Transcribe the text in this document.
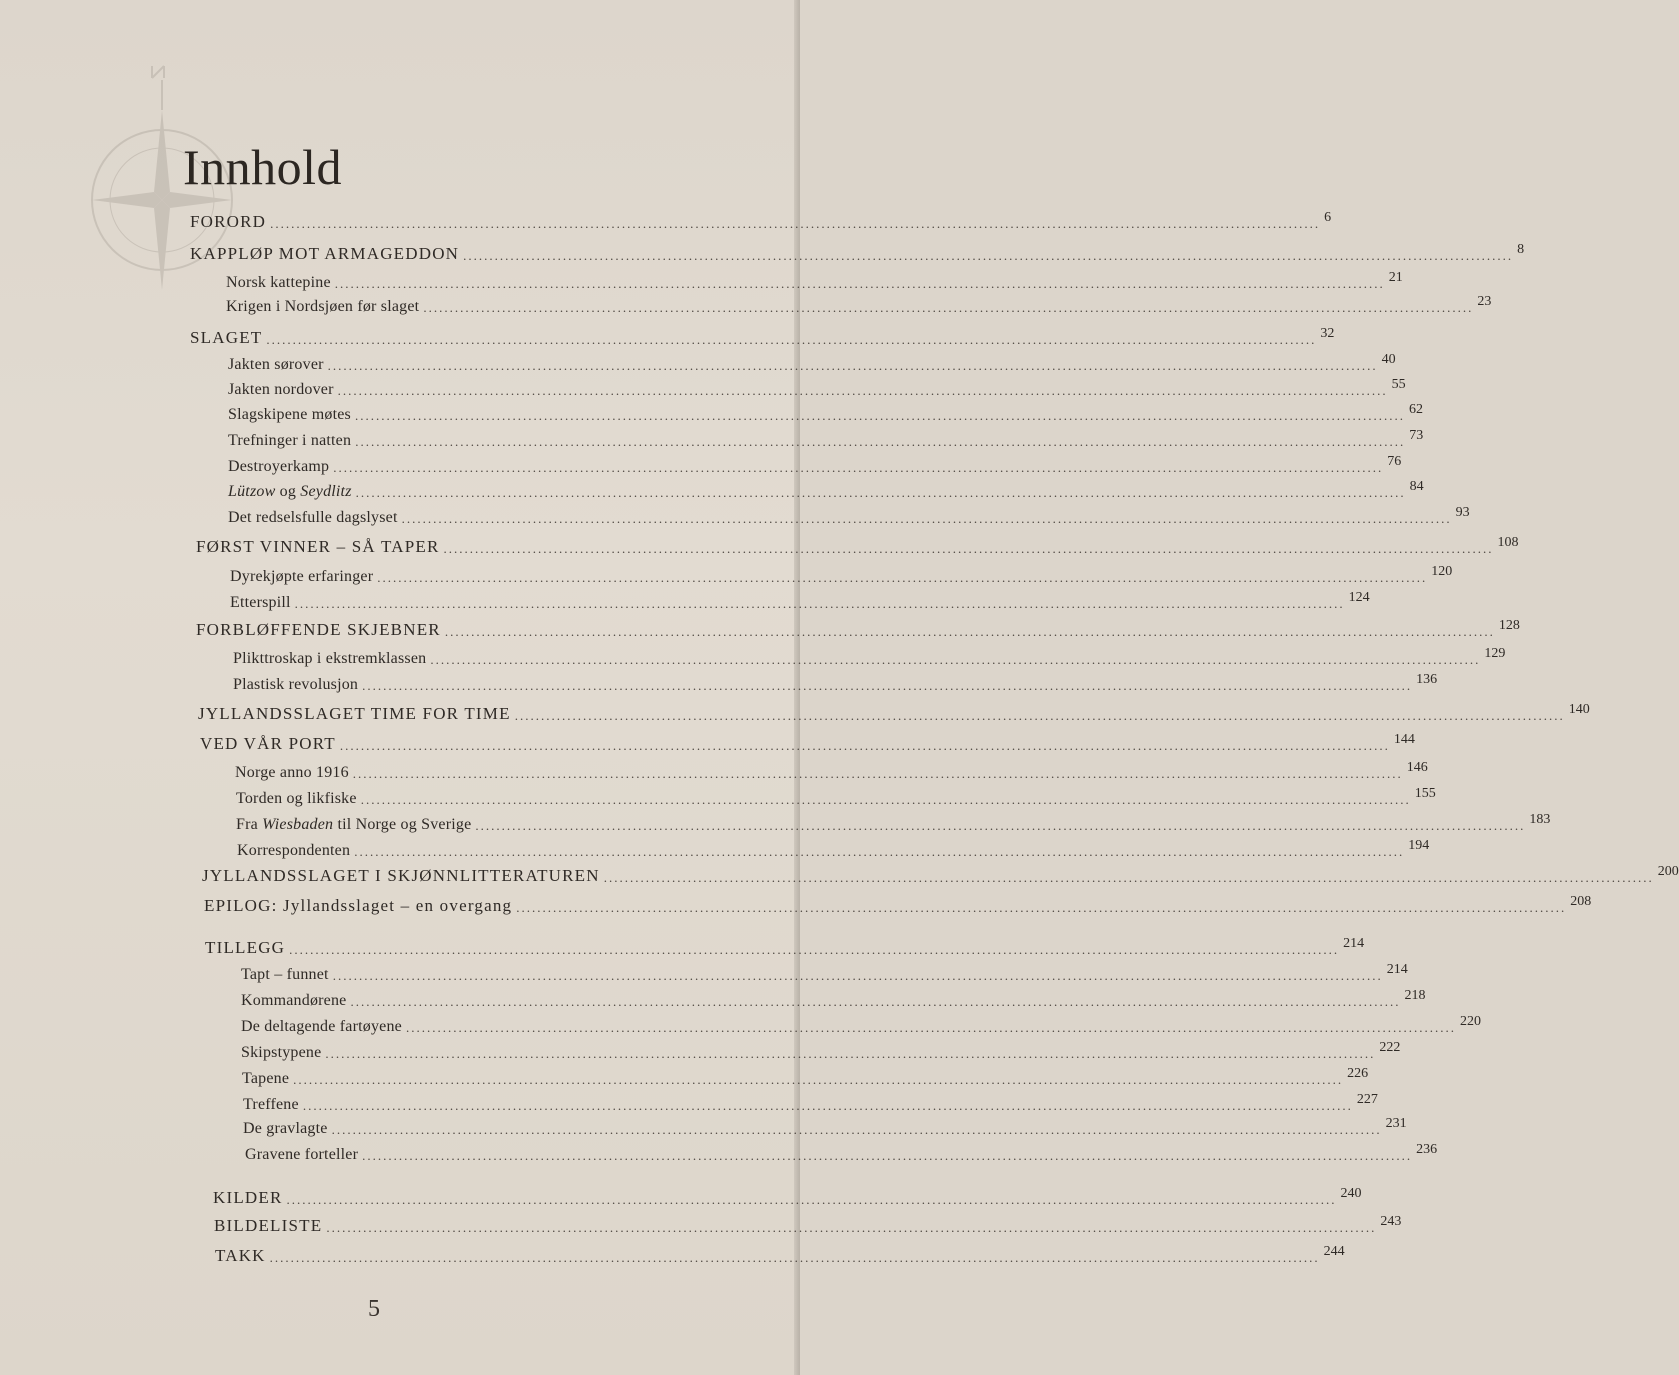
Innhold
FORORD ........................................................................................................................................................................................................ 6
KAPPLØP MOT ARMAGEDDON ........................................................................................................................................................................................................ 8
Norsk kattepine ........................................................................................................................................................................................................ 21
Krigen i Nordsjøen før slaget ........................................................................................................................................................................................................ 23
SLAGET ........................................................................................................................................................................................................ 32
Jakten sørover ........................................................................................................................................................................................................ 40
Jakten nordover ........................................................................................................................................................................................................ 55
Slagskipene møtes ........................................................................................................................................................................................................ 62
Trefninger i natten ........................................................................................................................................................................................................ 73
Destroyerkamp ........................................................................................................................................................................................................ 76
Lützow og Seydlitz ........................................................................................................................................................................................................ 84
Det redselsfulle dagslyset ........................................................................................................................................................................................................ 93
FØRST VINNER – SÅ TAPER ........................................................................................................................................................................................................ 108
Dyrekjøpte erfaringer ........................................................................................................................................................................................................ 120
Etterspill ........................................................................................................................................................................................................ 124
FORBLØFFENDE SKJEBNER ........................................................................................................................................................................................................ 128
Plikttroskap i ekstremklassen ........................................................................................................................................................................................................ 129
Plastisk revolusjon ........................................................................................................................................................................................................ 136
JYLLANDSSLAGET TIME FOR TIME ........................................................................................................................................................................................................ 140
VED VÅR PORT ........................................................................................................................................................................................................ 144
Norge anno 1916 ........................................................................................................................................................................................................ 146
Torden og likfiske ........................................................................................................................................................................................................ 155
Fra Wiesbaden til Norge og Sverige ........................................................................................................................................................................................................ 183
Korrespondenten ........................................................................................................................................................................................................ 194
JYLLANDSSLAGET I SKJØNNLITTERATUREN ........................................................................................................................................................................................................ 200
EPILOG: Jyllandsslaget – en overgang ........................................................................................................................................................................................................ 208
TILLEGG ........................................................................................................................................................................................................ 214
Tapt – funnet ........................................................................................................................................................................................................ 214
Kommandørene ........................................................................................................................................................................................................ 218
De deltagende fartøyene ........................................................................................................................................................................................................ 220
Skipstypene ........................................................................................................................................................................................................ 222
Tapene ........................................................................................................................................................................................................ 226
Treffene ........................................................................................................................................................................................................ 227
De gravlagte ........................................................................................................................................................................................................ 231
Gravene forteller ........................................................................................................................................................................................................ 236
KILDER ........................................................................................................................................................................................................ 240
BILDELISTE ........................................................................................................................................................................................................ 243
TAKK ........................................................................................................................................................................................................ 244
5
